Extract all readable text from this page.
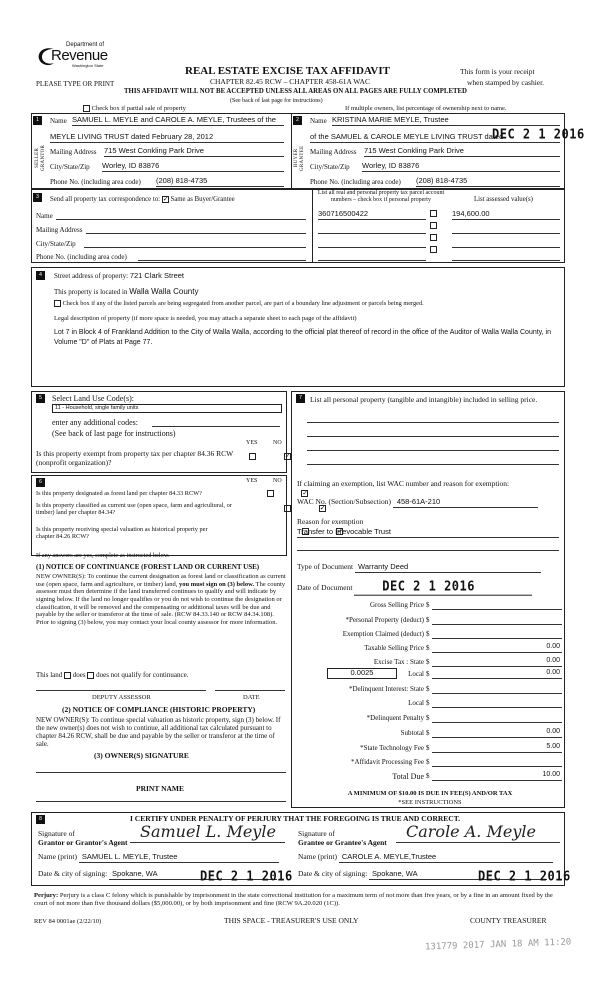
Department of
Revenue
Washington State
PLEASE TYPE OR PRINT
REAL ESTATE EXCISE TAX AFFIDAVIT
CHAPTER 82.45 RCW – CHAPTER 458-61A WAC
THIS AFFIDAVIT WILL NOT BE ACCEPTED UNLESS ALL AREAS ON ALL PAGES ARE FULLY COMPLETED
(See back of last page for instructions)
This form is your receipt
when stamped by cashier.
Check box if partial sale of property	If multiple owners, list percentage of ownership next to name.
1	2
SELLER GRANTOR	BUYER GRANTEE
Name SAMUEL L. MEYLE and CAROLE A. MEYLE, Trustees of the
MEYLE LIVING TRUST dated February 28, 2012
Mailing Address 715 West Conkling Park Drive
City/State/Zip Worley, ID 83876
Phone No. (including area code) (208) 818-4735
Name KRISTINA MARIE MEYLE, Trustee
of the SAMUEL & CAROLE MEYLE LIVING TRUST dated
DEC 2 1 2016
Mailing Address 715 West Conkling Park Drive
City/State/Zip Worley, ID 83876
Phone No. (including area code) (208) 818-4735
3	Send all property tax correspondence to: ✓ Same as Buyer/Grantee
Name
Mailing Address
City/State/Zip
Phone No. (including area code)
List all real and personal property tax parcel account numbers – check box if personal property	List assessed value(s)
360716500422	194,600.00
4	Street address of property: 721 Clark Street
This property is located in Walla Walla County
Check box if any of the listed parcels are being segregated from another parcel, are part of a boundary line adjustment or parcels being merged.
Legal description of property (if more space is needed, you may attach a separate sheet to each page of the affidavit)
Lot 7 in Block 4 of Frankland Addition to the City of Walla Walla, according to the official plat thereof of record in the office of the Auditor of Walla Walla County, in Volume "D" of Plats at Page 77.
5	Select Land Use Code(s):
11 - Household, single family units
enter any additional codes:
(See back of last page for instructions)
YES	NO
Is this property exempt from property tax per chapter 84.36 RCW (nonprofit organization)?
✓
6	YES	NO
Is this property designated as forest land per chapter 84.33 RCW?
✓
Is this property classified as current use (open space, farm and agricultural, or timber) land per chapter 84.34?
✓
Is this property receiving special valuation as historical property per chapter 84.26 RCW?
✓
If any answers are yes, complete as instructed below.
(1) NOTICE OF CONTINUANCE (FOREST LAND OR CURRENT USE)
NEW OWNER(S): To continue the current designation as forest land or classification as current use (open space, farm and agriculture, or timber) land, you must sign on (3) below. The county assessor must then determine if the land transferred continues to qualify and will indicate by signing below. If the land no longer qualifies or you do not wish to continue the designation or classification, it will be removed and the compensating or additional taxes will be due and payable by the seller or transferor at the time of sale. (RCW 84.33.140 or RCW 84.34.108). Prior to signing (3) below, you may contact your local county assessor for more information.
This land does does not qualify for continuance.
DEPUTY ASSESSOR	DATE
(2) NOTICE OF COMPLIANCE (HISTORIC PROPERTY)
NEW OWNER(S): To continue special valuation as historic property, sign (3) below. If the new owner(s) does not wish to continue, all additional tax calculated pursuant to chapter 84.26 RCW, shall be due and payable by the seller or transferor at the time of sale.
(3) OWNER(S) SIGNATURE
PRINT NAME
7	List all personal property (tangible and intangible) included in selling price.
If claiming an exemption, list WAC number and reason for exemption:
WAC No. (Section/Subsection) 458-61A-210
Reason for exemption
Transfer to Irrevocable Trust
Type of Document Warranty Deed
Date of Document DEC 2 1 2016
Gross Selling Price $
*Personal Property (deduct) $
Exemption Claimed (deduct) $
Taxable Selling Price $	0.00
Excise Tax : State $	0.00
0.0025	Local $	0.00
*Delinquent Interest: State $
Local $
*Delinquent Penalty $
Subtotal $	0.00
*State Technology Fee $	5.00
*Affidavit Processing Fee $
Total Due $	10.00
A MINIMUM OF $10.00 IS DUE IN FEE(S) AND/OR TAX
*SEE INSTRUCTIONS
8	I CERTIFY UNDER PENALTY OF PERJURY THAT THE FOREGOING IS TRUE AND CORRECT.
Signature of
Grantor or Grantor's Agent
Samuel L. Meyle
Name (print) SAMUEL L. MEYLE, Trustee
Date & city of signing: Spokane, WA	DEC 2 1 2016
Signature of
Grantee or Grantee's Agent
Carole A. Meyle
Name (print) CAROLE A. MEYLE,Trustee
Date & city of signing: Spokane, WA	DEC 2 1 2016
Perjury: Perjury is a class C felony which is punishable by imprisonment in the state correctional institution for a maximum term of not more than five years, or by a fine in an amount fixed by the court of not more than five thousand dollars ($5,000.00), or by both imprisonment and fine (RCW 9A.20.020 (1C)).
REV 84 0001ae (2/22/10)	THIS SPACE - TREASURER'S USE ONLY	COUNTY TREASURER
131779 2017 JAN 18 AM 11:20
